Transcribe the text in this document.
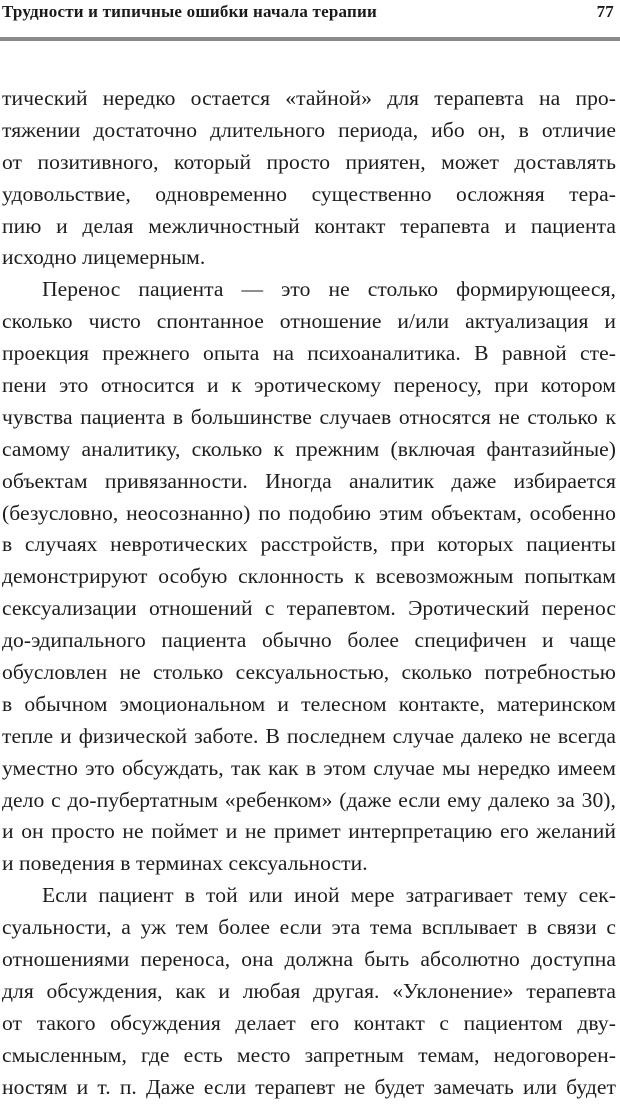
Трудности и типичные ошибки начала терапии	77
тический нередко остается «тайной» для терапевта на про-
тяжении достаточно длительного периода, ибо он, в отличие
от позитивного, который просто приятен, может доставлять
удовольствие, одновременно существенно осложняя тера-
пию и делая межличностный контакт терапевта и пациента
исходно лицемерным.
Перенос пациента — это не столько формирующееся,
сколько чисто спонтанное отношение и/или актуализация и
проекция прежнего опыта на психоаналитика. В равной сте-
пени это относится и к эротическому переносу, при котором
чувства пациента в большинстве случаев относятся не столько к
самому аналитику, сколько к прежним (включая фантазийные)
объектам привязанности. Иногда аналитик даже избирается
(безусловно, неосознанно) по подобию этим объектам, особенно
в случаях невротических расстройств, при которых пациенты
демонстрируют особую склонность к всевозможным попыткам
сексуализации отношений с терапевтом. Эротический перенос
до-эдипального пациента обычно более специфичен и чаще
обусловлен не столько сексуальностью, сколько потребностью
в обычном эмоциональном и телесном контакте, материнском
тепле и физической заботе. В последнем случае далеко не всегда
уместно это обсуждать, так как в этом случае мы нередко имеем
дело с до-пубертатным «ребенком» (даже если ему далеко за 30),
и он просто не поймет и не примет интерпретацию его желаний
и поведения в терминах сексуальности.
Если пациент в той или иной мере затрагивает тему сек-
суальности, а уж тем более если эта тема всплывает в связи с
отношениями переноса, она должна быть абсолютно доступна
для обсуждения, как и любая другая. «Уклонение» терапевта
от такого обсуждения делает его контакт с пациентом дву-
смысленным, где есть место запретным темам, недоговорен-
ностям и т. п. Даже если терапевт не будет замечать или будет
